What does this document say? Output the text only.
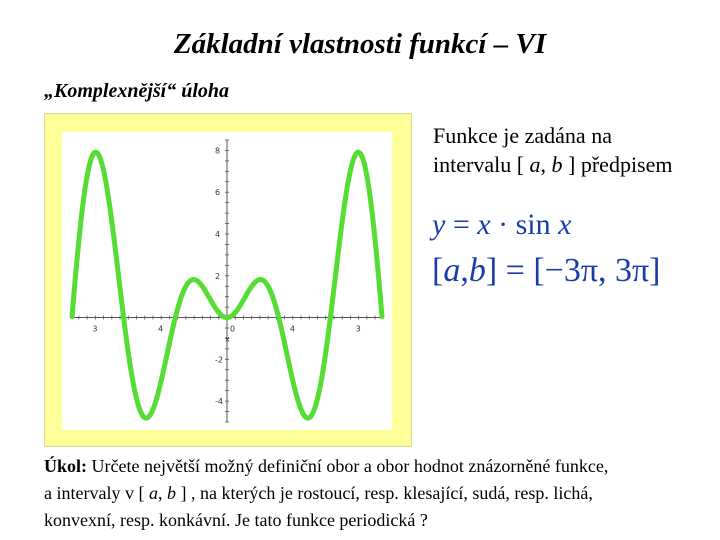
Základní vlastnosti funkcí – VI
„Komplexnější“ úloha
3	4	0	4	3
8
6
4
2
-2
-4
x
Funkce je zadána na
intervalu [ a, b ] předpisem
y = x · sin x
[a,b] = [−3π, 3π]
Úkol: Určete největší možný definiční obor a obor hodnot znázorněné funkce,
a intervaly v [ a, b ] , na kterých je rostoucí, resp. klesající, sudá, resp. lichá,
konvexní, resp. konkávní. Je tato funkce periodická ?
